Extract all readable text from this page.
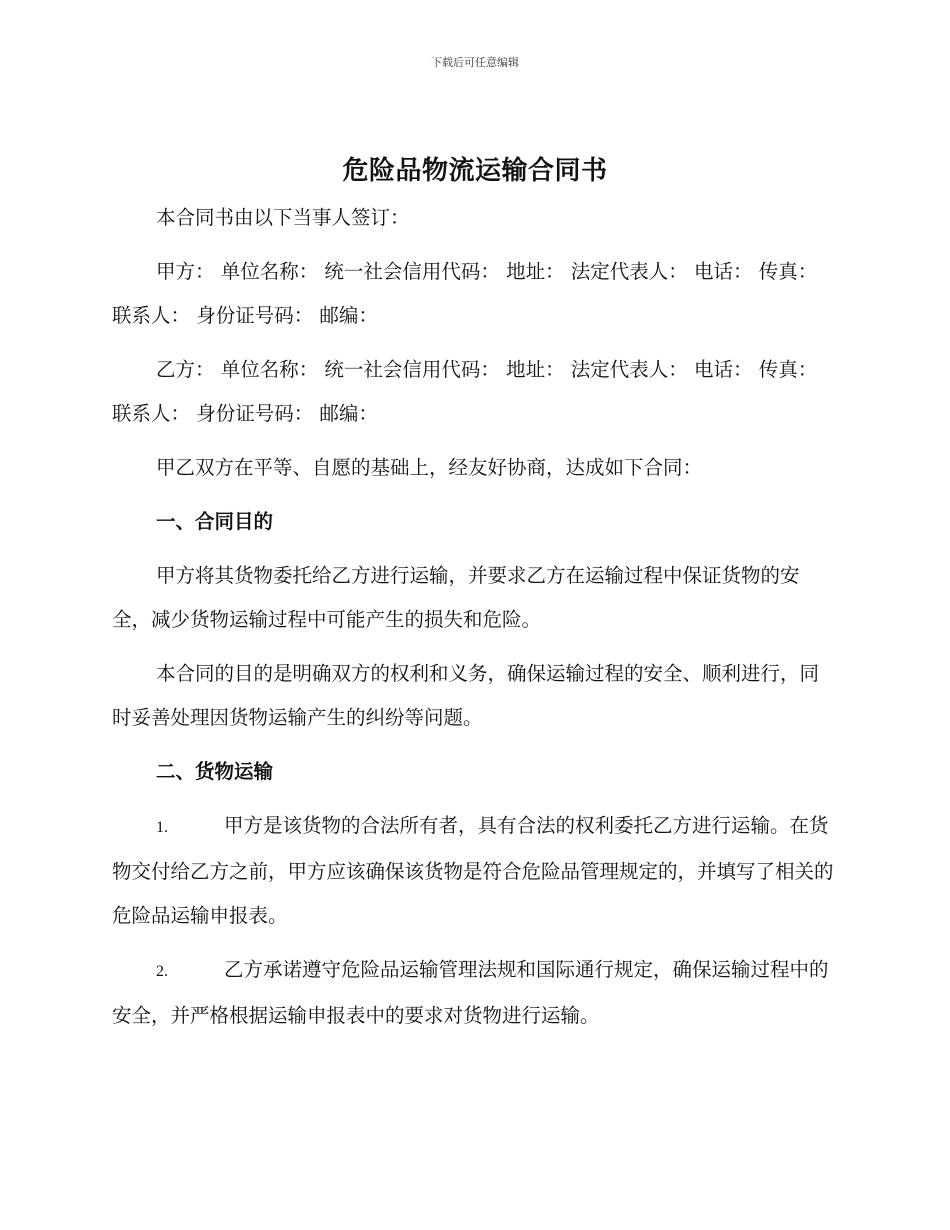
下载后可任意编辑
危险品物流运输合同书

本合同书由以下当事人签订：

甲方： 单位名称： 统一社会信用代码： 地址： 法定代表人： 电话： 传真： 联系人： 身份证号码： 邮编：

乙方： 单位名称： 统一社会信用代码： 地址： 法定代表人： 电话： 传真： 联系人： 身份证号码： 邮编：

甲乙双方在平等、自愿的基础上，经友好协商，达成如下合同：

一、合同目的

甲方将其货物委托给乙方进行运输，并要求乙方在运输过程中保证货物的安全，减少货物运输过程中可能产生的损失和危险。

本合同的目的是明确双方的权利和义务，确保运输过程的安全、顺利进行，同时妥善处理因货物运输产生的纠纷等问题。

二、货物运输

1.	甲方是该货物的合法所有者，具有合法的权利委托乙方进行运输。在货物交付给乙方之前，甲方应该确保该货物是符合危险品管理规定的，并填写了相关的危险品运输申报表。

2.	乙方承诺遵守危险品运输管理法规和国际通行规定，确保运输过程中的安全，并严格根据运输申报表中的要求对货物进行运输。
